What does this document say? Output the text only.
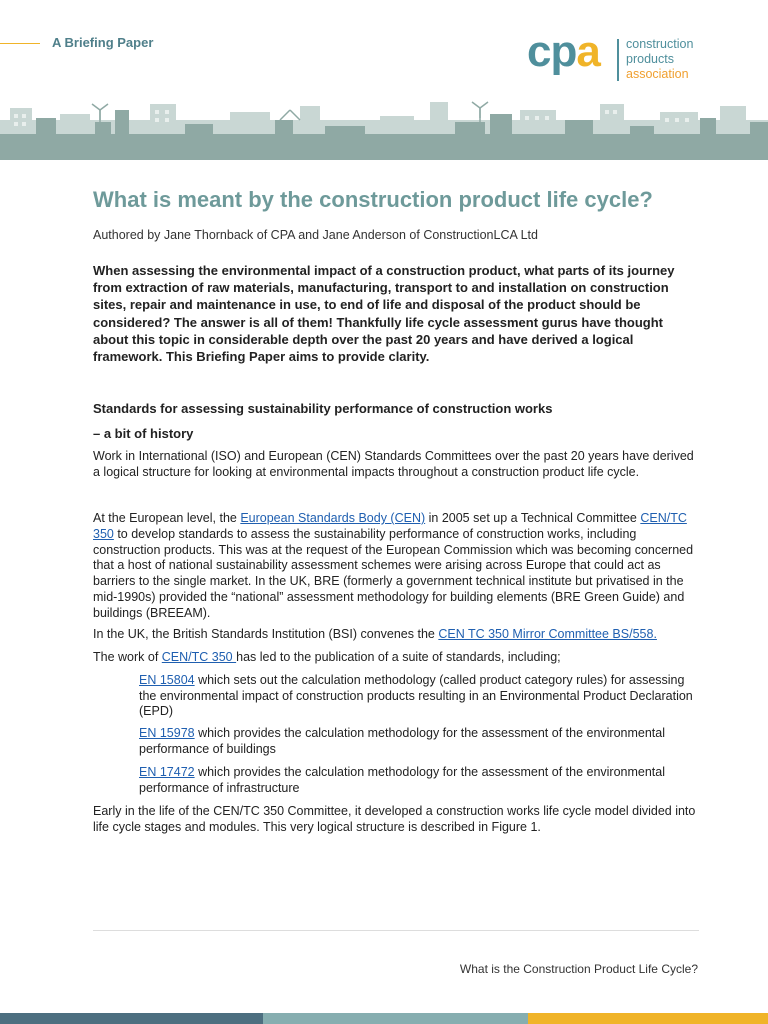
A Briefing Paper	cpa construction
products
association
What is meant by the construction product life cycle?
Authored by Jane Thornback of CPA and Jane Anderson of ConstructionLCA Ltd

When assessing the environmental impact of a construction product, what parts of its journey from extraction of raw materials, manufacturing, transport to and installation on construction sites, repair and maintenance in use, to end of life and disposal of the product should be considered? The answer is all of them! Thankfully life cycle assessment gurus have thought about this topic in considerable depth over the past 20 years and have derived a logical framework. This Briefing Paper aims to provide clarity.

Standards for assessing sustainability performance of construction works
– a bit of history

Work in International (ISO) and European (CEN) Standards Committees over the past 20 years have derived a logical structure for looking at environmental impacts throughout a construction product life cycle.

At the European level, the European Standards Body (CEN) in 2005 set up a Technical Committee CEN/TC 350 to develop standards to assess the sustainability performance of construction works, including construction products. This was at the request of the European Commission which was becoming concerned that a host of national sustainability assessment schemes were arising across Europe that could act as barriers to the single market. In the UK, BRE (formerly a government technical institute but privatised in the mid-1990s) provided the “national” assessment methodology for building elements (BRE Green Guide) and buildings (BREEAM).

In the UK, the British Standards Institution (BSI) convenes the CEN TC 350 Mirror Committee BS/558.

The work of CEN/TC 350 has led to the publication of a suite of standards, including;

EN 15804 which sets out the calculation methodology (called product category rules) for assessing the environmental impact of construction products resulting in an Environmental Product Declaration (EPD)
EN 15978 which provides the calculation methodology for the assessment of the environmental performance of buildings
EN 17472 which provides the calculation methodology for the assessment of the environmental performance of infrastructure

Early in the life of the CEN/TC 350 Committee, it developed a construction works life cycle model divided into life cycle stages and modules. This very logical structure is described in Figure 1.

What is the Construction Product Life Cycle?
